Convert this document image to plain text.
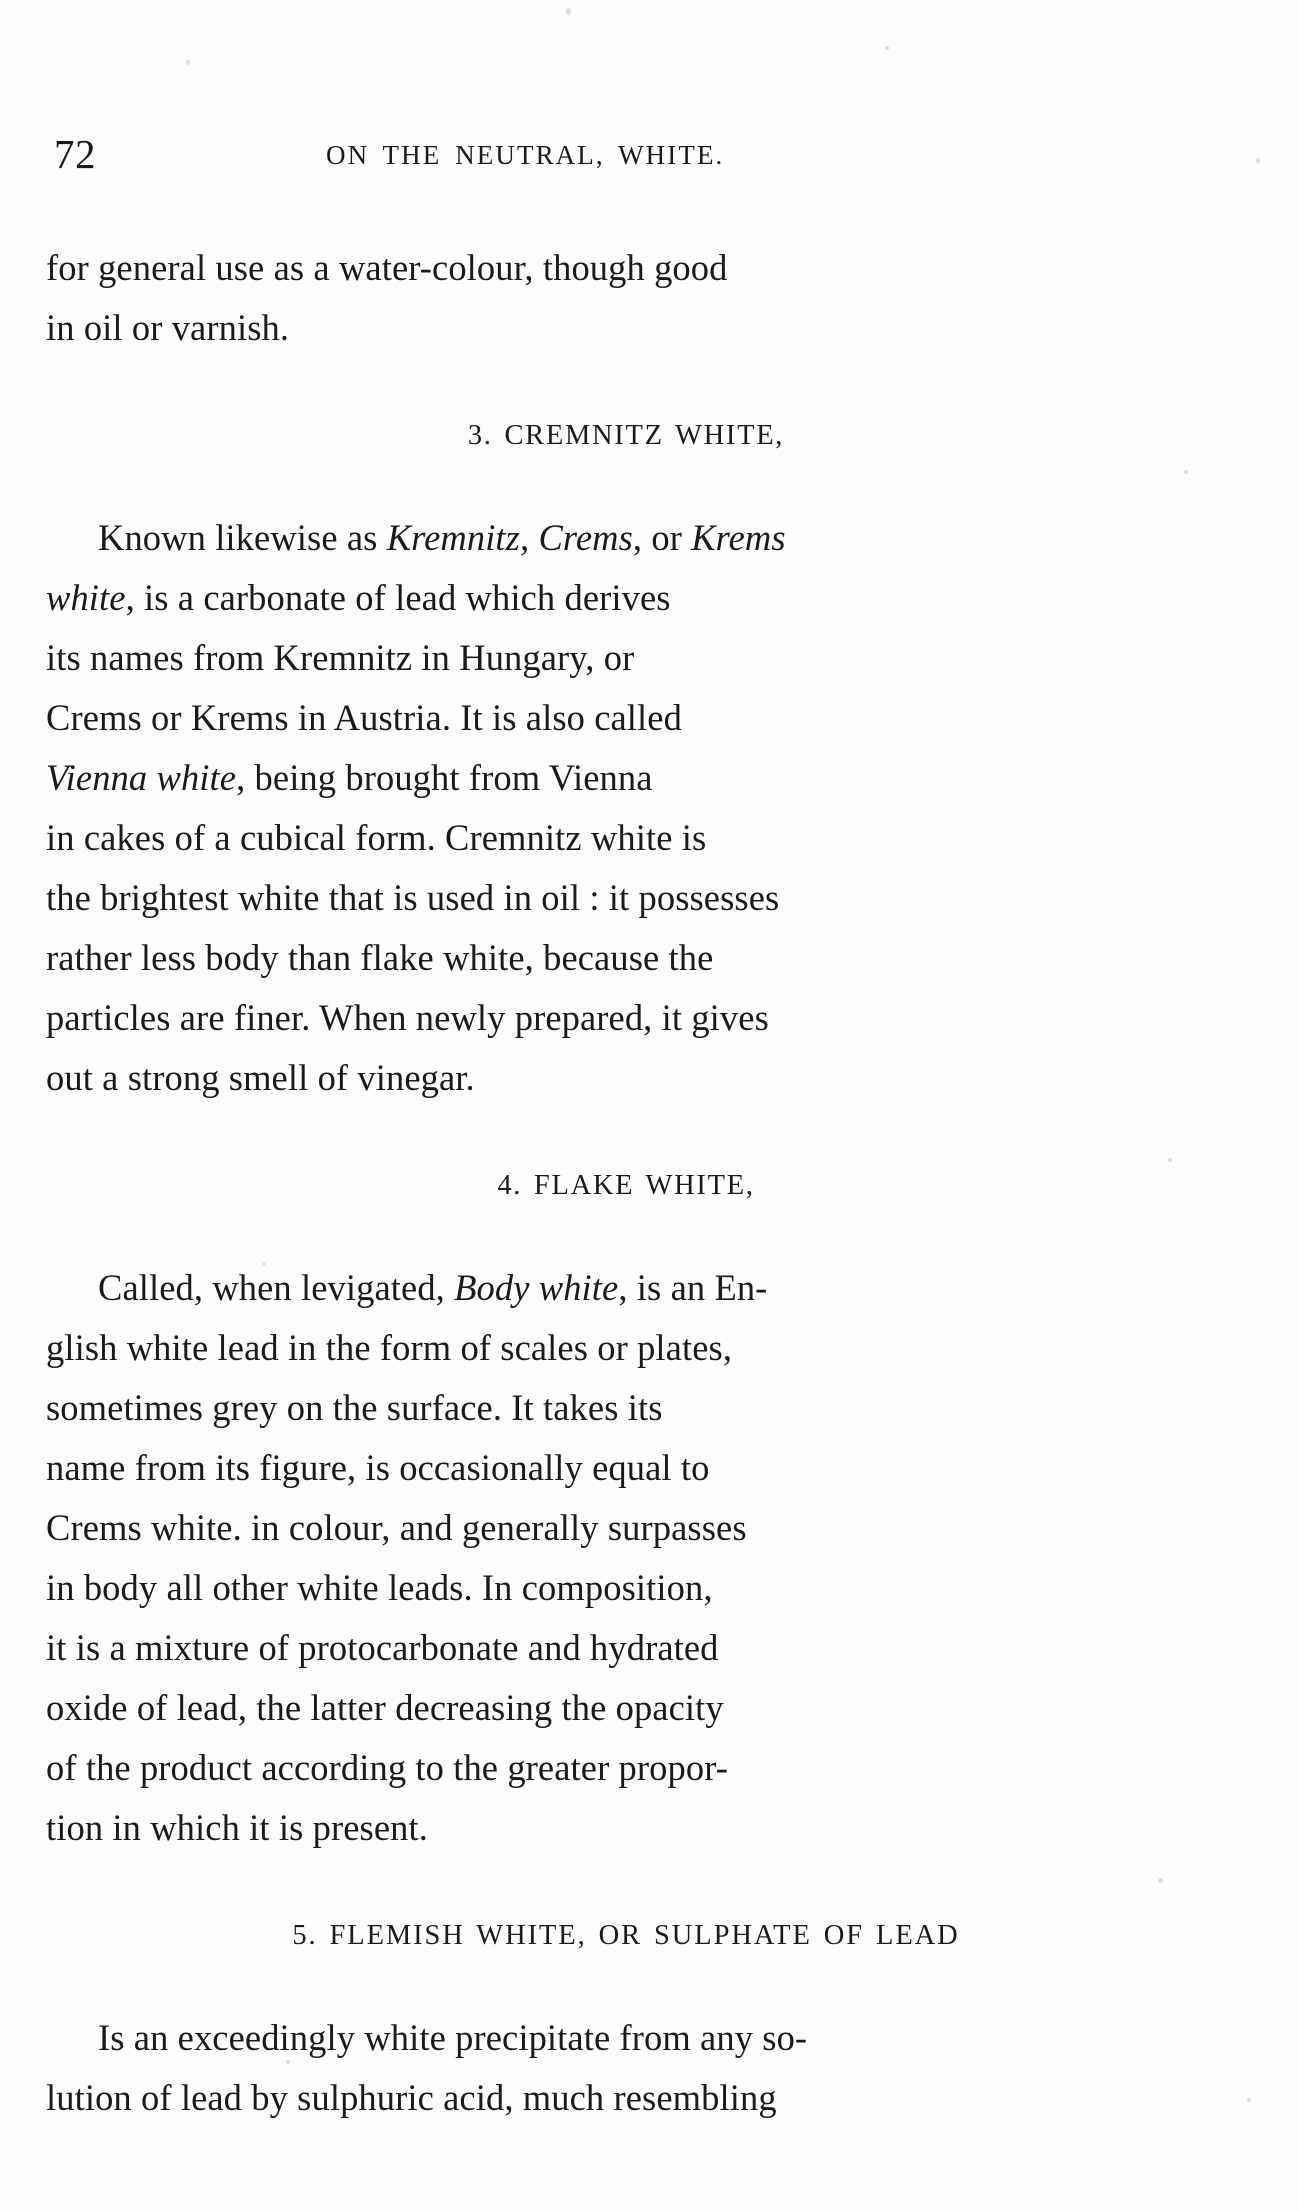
72	ON THE NEUTRAL, WHITE.

for general use as a water-colour, though good

in oil or varnish.

3. CREMNITZ WHITE,

Known likewise as Kremnitz, Crems, or Krems

white, is a carbonate of lead which derives

its names from Kremnitz in Hungary, or

Crems or Krems in Austria. It is also called

Vienna white, being brought from Vienna

in cakes of a cubical form. Cremnitz white is

the brightest white that is used in oil : it possesses

rather less body than flake white, because the

particles are finer. When newly prepared, it gives

out a strong smell of vinegar.

4. FLAKE WHITE,

Called, when levigated, Body white, is an En-

glish white lead in the form of scales or plates,

sometimes grey on the surface. It takes its

name from its figure, is occasionally equal to

Crems white. in colour, and generally surpasses

in body all other white leads. In composition,

it is a mixture of protocarbonate and hydrated

oxide of lead, the latter decreasing the opacity

of the product according to the greater propor-

tion in which it is present.

5. FLEMISH WHITE, OR SULPHATE OF LEAD

Is an exceedingly white precipitate from any so-

lution of lead by sulphuric acid, much resembling
